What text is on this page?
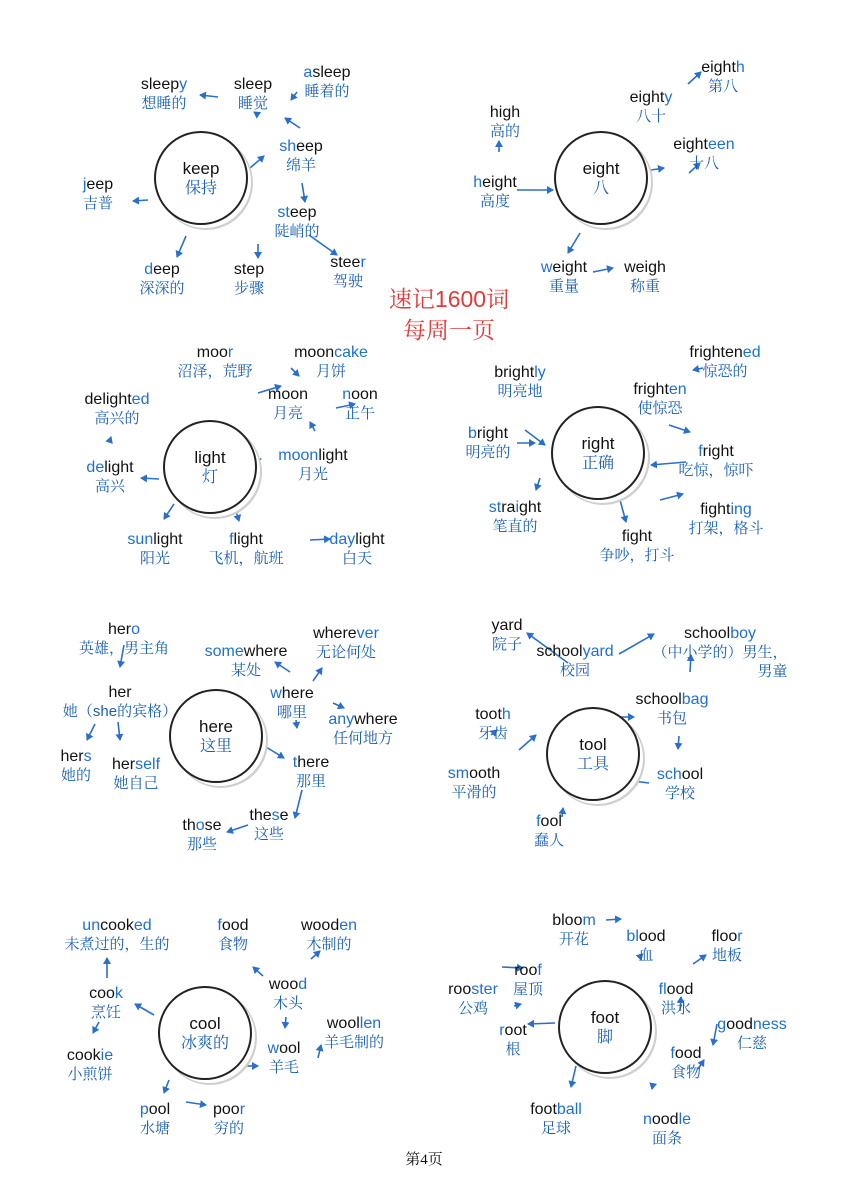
速记1600词
每周一页
第4页
keep
保持
sleepy
想睡的
sleep
睡觉
asleep
睡着的
sheep
绵羊
jeep
吉普
steep
陡峭的
deep
深深的
step
步骤
steer
驾驶
eight
八
high
高的
height
高度
eighty
八十
eighth
第八
eighteen
十八
weight
重量
weigh
称重
light
灯
moor
沼泽，荒野
mooncake
月饼
moon
月亮
noon
正午
delighted
高兴的
delight
高兴
moonlight
月光
sunlight
阳光
flight
飞机，航班
daylight
白天
right
正确
brightly
明亮地
frightened
惊恐的
frighten
使惊恐
bright
明亮的	fright
吃惊，惊吓
straight
笔直的
fighting
打架，格斗
fight
争吵，打斗
here
这里
hero
英雄，男主角
her
她（she的宾格）
hers
她的
herself
她自己
somewhere
某处
wherever
无论何处
where
哪里	anywhere
任何地方
there
那里
these
这些
those
那些
tool
工具
yard
院子 schoolyard
校园
schoolboy
（中小学的）男生，
男童
schoolbag
书包
tooth
牙齿
smooth
平滑的
school
学校
fool
蠢人
cool
冰爽的
uncooked
未煮过的，生的
food
食物
wooden
木制的
cook
烹饪
wood
木头
woollen
羊毛制的
cookie
小煎饼
wool
羊毛
pool
水塘
poor
穷的
foot
脚
bloom
开花	blood
血
floor
地板
roof
屋顶
rooster
公鸡
flood
洪水
goodness
仁慈
root
根	food
食物
football
足球
noodle
面条
